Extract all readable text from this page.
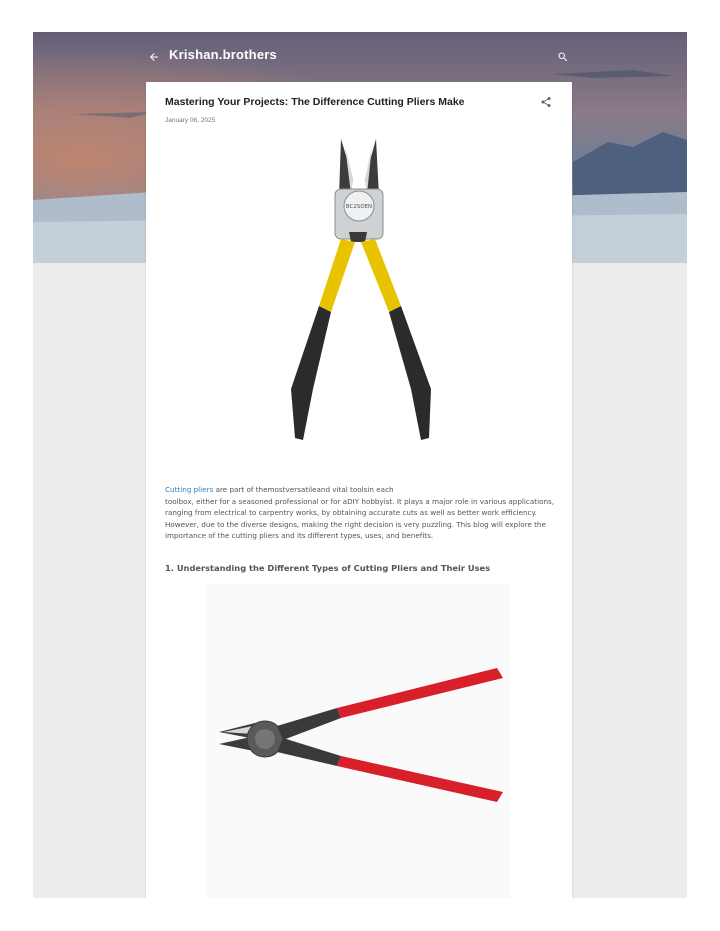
Krishan.brothers
Mastering Your Projects: The Difference Cutting Pliers Make
January 06, 2025
BC2SDEN
Cutting pliers are part of themostversatileand vital toolsin each
toolbox, either for a seasoned professional or for aDIY hobbyist. It plays a major role in various applications, ranging from electrical to carpentry works, by obtaining accurate cuts as well as better work efficiency. However, due to the diverse designs, making the right decision is very puzzling. This blog will explore the importance of the cutting pliers and its different types, uses, and benefits.
1. Understanding the Different Types of Cutting Pliers and Their Uses
